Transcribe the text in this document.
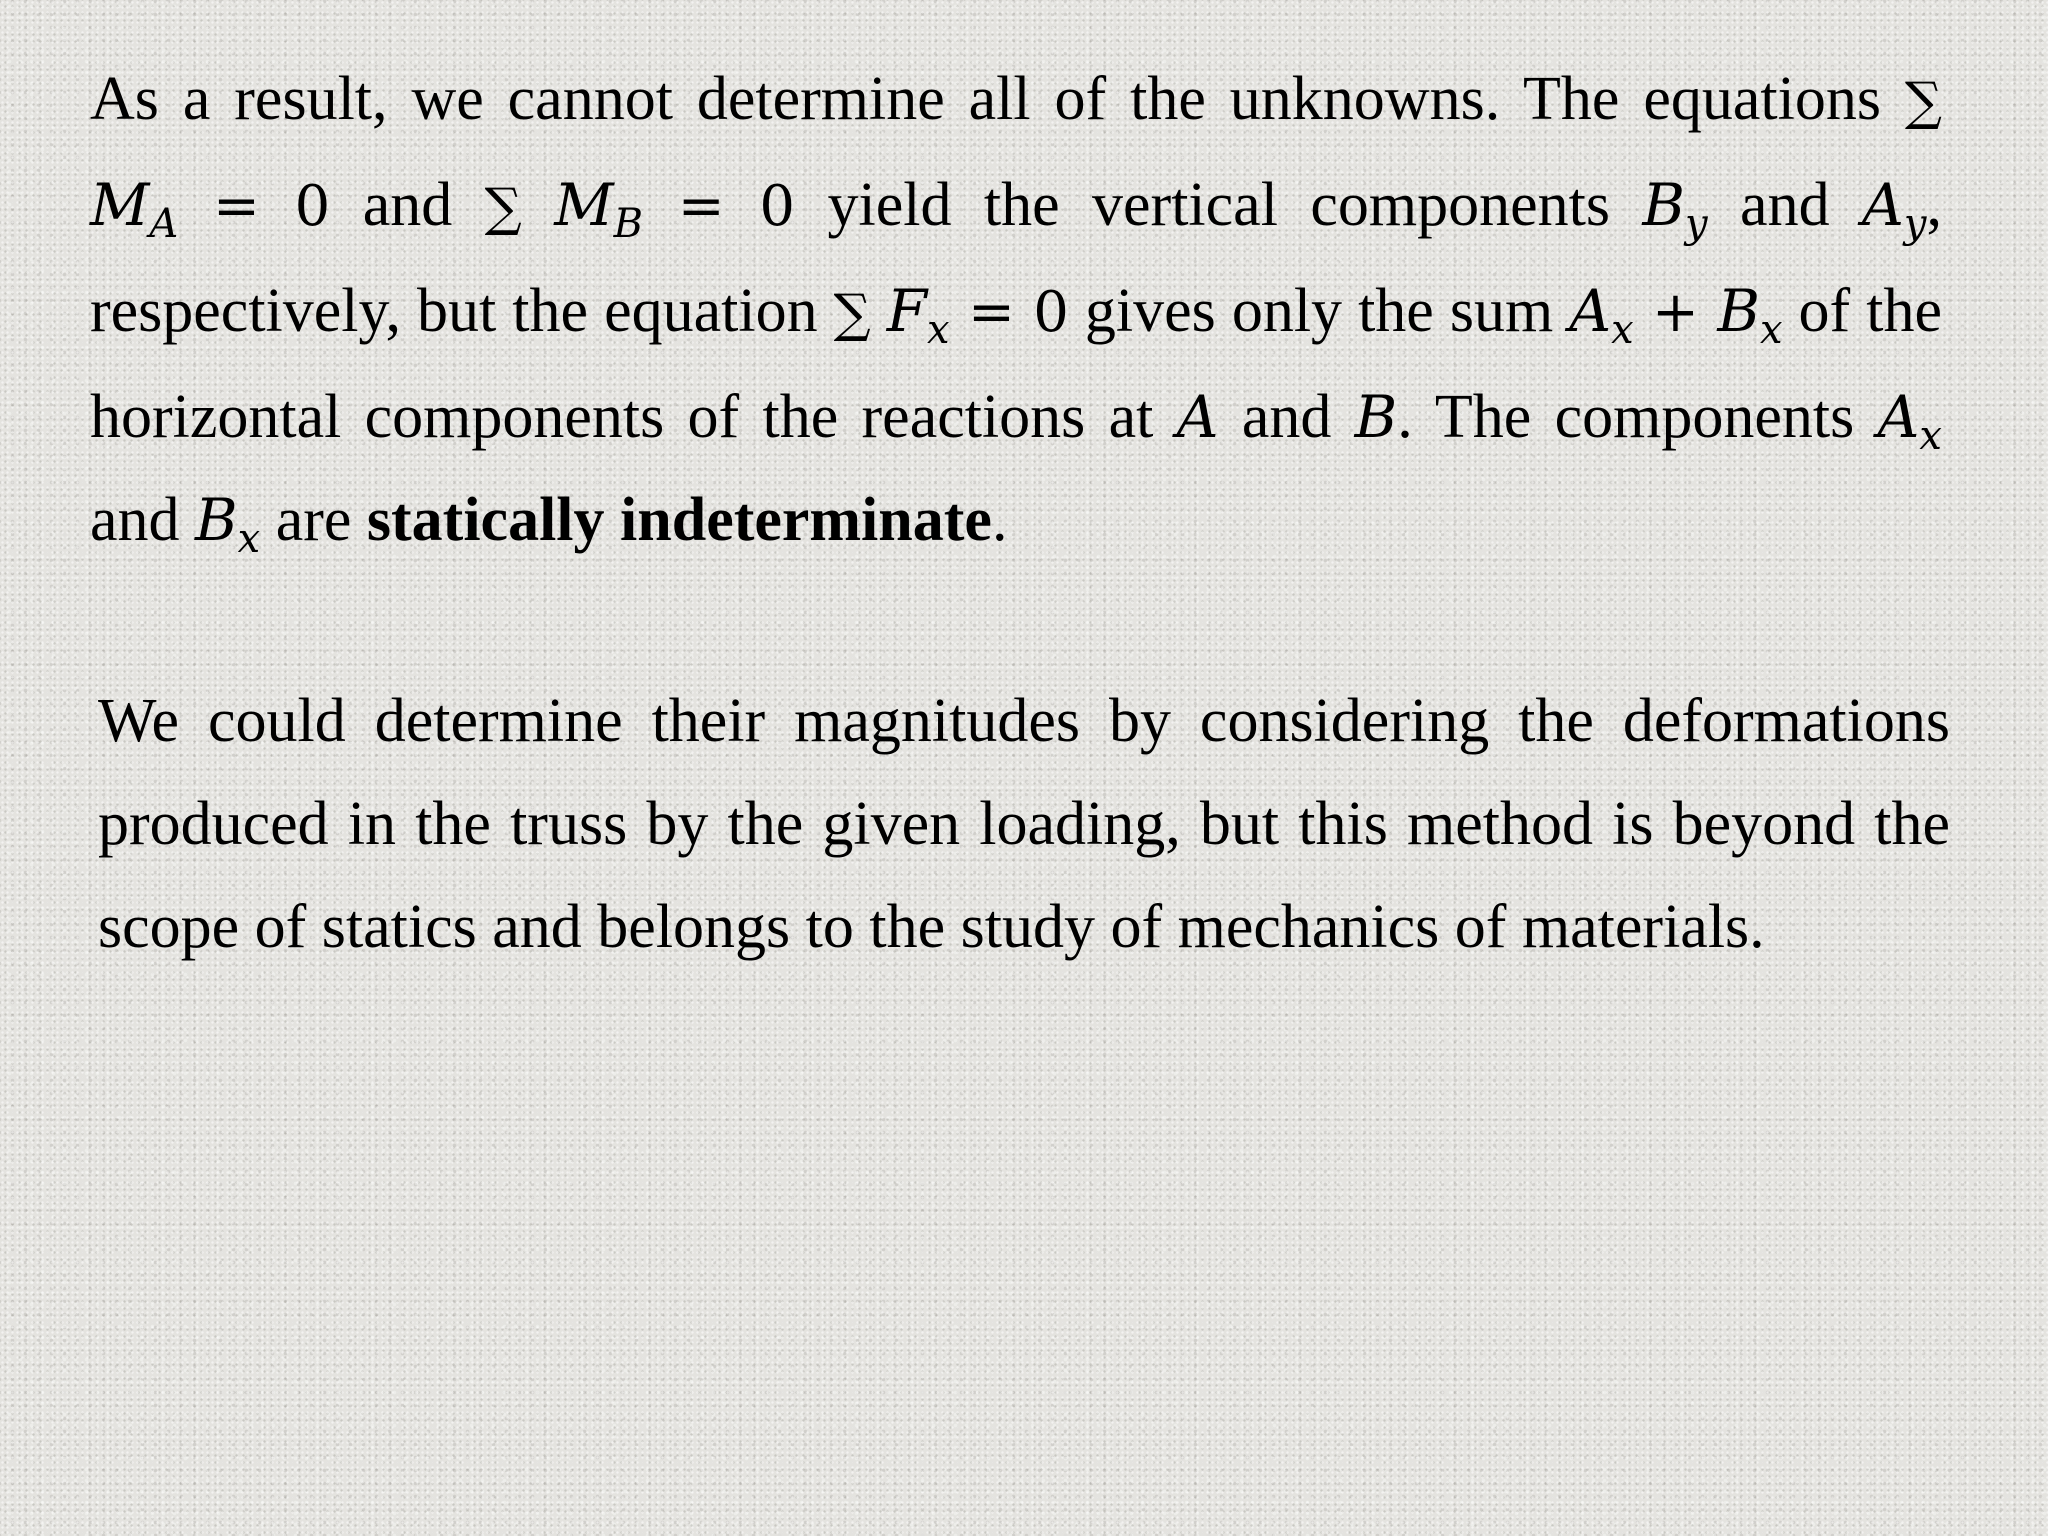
As a result, we cannot determine all of the unknowns. The equations ∑ $M_A = 0$ and ∑ $M_B = 0$ yield the vertical components $B_y$ and $A_y$, respectively, but the equation ∑ $F_x = 0$ gives only the sum $A_x + B_x$ of the horizontal components of the reactions at A and B. The components $A_x$ and $B_x$ are statically indeterminate.

We could determine their magnitudes by considering the deformations produced in the truss by the given loading, but this method is beyond the scope of statics and belongs to the study of mechanics of materials.
